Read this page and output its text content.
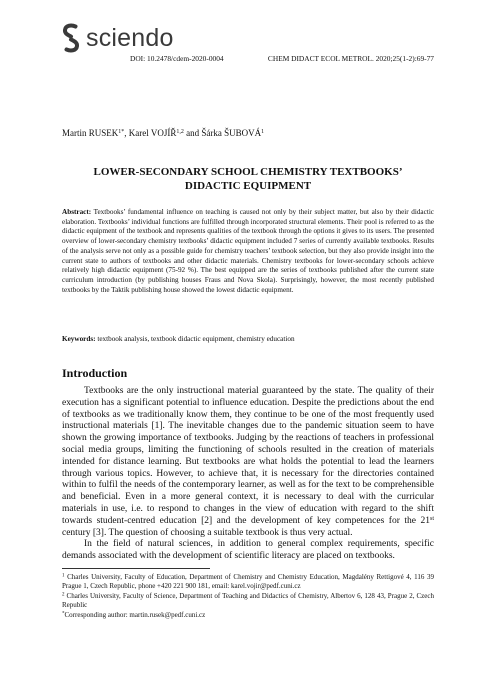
sciendo
DOI: 10.2478/cdem-2020-0004	CHEM DIDACT ECOL METROL. 2020;25(1-2):69-77
Martin $RUSEK^{1*}$, Karel VOJÍŘ$^{1,2}$ and Šárka ŠUBOVÁ$^1$
LOWER-SECONDARY SCHOOL CHEMISTRY TEXTBOOKS’
DIDACTIC EQUIPMENT
Abstract: Textbooks’ fundamental influence on teaching is caused not only by their subject matter, but also by their didactic elaboration. Textbooks’ individual functions are fulfilled through incorporated structural elements. Their pool is referred to as the didactic equipment of the textbook and represents qualities of the textbook through the options it gives to its users. The presented overview of lower-secondary chemistry textbooks’ didactic equipment included 7 series of currently available textbooks. Results of the analysis serve not only as a possible guide for chemistry teachers’ textbook selection, but they also provide insight into the current state to authors of textbooks and other didactic materials. Chemistry textbooks for lower-secondary schools achieve relatively high didactic equipment (75-92 %). The best equipped are the series of textbooks published after the current state curriculum introduction (by publishing houses Fraus and Nova Skola). Surprisingly, however, the most recently published textbooks by the Taktik publishing house showed the lowest didactic equipment.
Keywords: textbook analysis, textbook didactic equipment, chemistry education
Introduction

Textbooks are the only instructional material guaranteed by the state. The quality of their execution has a significant potential to influence education. Despite the predictions about the end of textbooks as we traditionally know them, they continue to be one of the most frequently used instructional materials [1]. The inevitable changes due to the pandemic situation seem to have shown the growing importance of textbooks. Judging by the reactions of teachers in professional social media groups, limiting the functioning of schools resulted in the creation of materials intended for distance learning. But textbooks are what holds the potential to lead the learners through various topics. However, to achieve that, it is necessary for the directories contained within to fulfil the needs of the contemporary learner, as well as for the text to be comprehensible and beneficial. Even in a more general context, it is necessary to deal with the curricular materials in use, i.e. to respond to changes in the view of education with regard to the shift towards student-centred education [2] and the development of key competences for the 21st century [3]. The question of choosing a suitable textbook is thus very actual.

In the field of natural sciences, in addition to general complex requirements, specific demands associated with the development of scientific literacy are placed on textbooks.

$^1$ Charles University, Faculty of Education, Department of Chemistry and Chemistry Education, Magdalény Rettigové 4, 116 39 Prague 1, Czech Republic, phone +420 221 900 181, email: karel.vojir@pedf.cuni.cz

$^2$ Charles University, Faculty of Science, Department of Teaching and Didactics of Chemistry, Albertov 6, 128 43, Prague 2, Czech Republic

*Corresponding author: martin.rusek@pedf.cuni.cz
